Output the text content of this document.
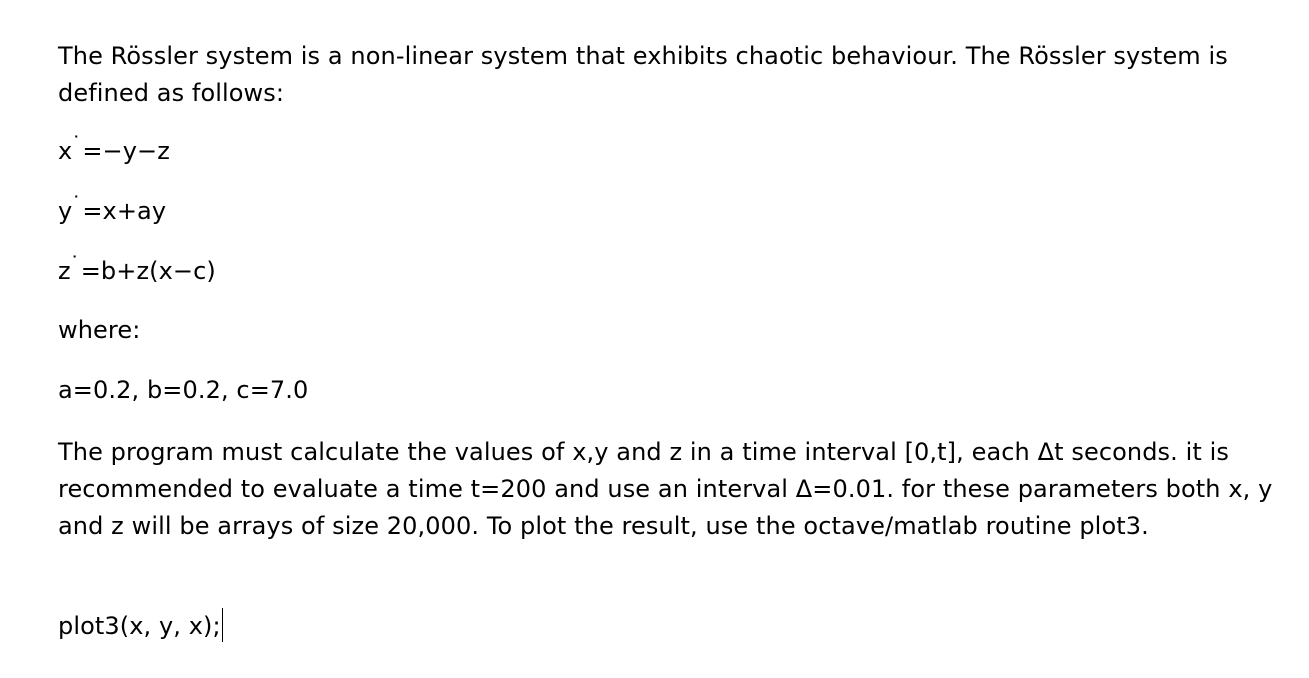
The Rössler system is a non-linear system that exhibits chaotic behaviour. The Rössler system is defined as follows:

x
˙ =−y−z

y
˙ =x+ay

z
˙ =b+z(x−c)

where:

a=0.2, b=0.2, c=7.0

The program must calculate the values of x,y and z in a time interval [0,t], each Δt seconds. it is recommended to evaluate a time t=200 and use an interval Δ=0.01. for these parameters both x, y and z will be arrays of size 20,000. To plot the result, use the octave/matlab routine plot3.

plot3(x, y, x);
